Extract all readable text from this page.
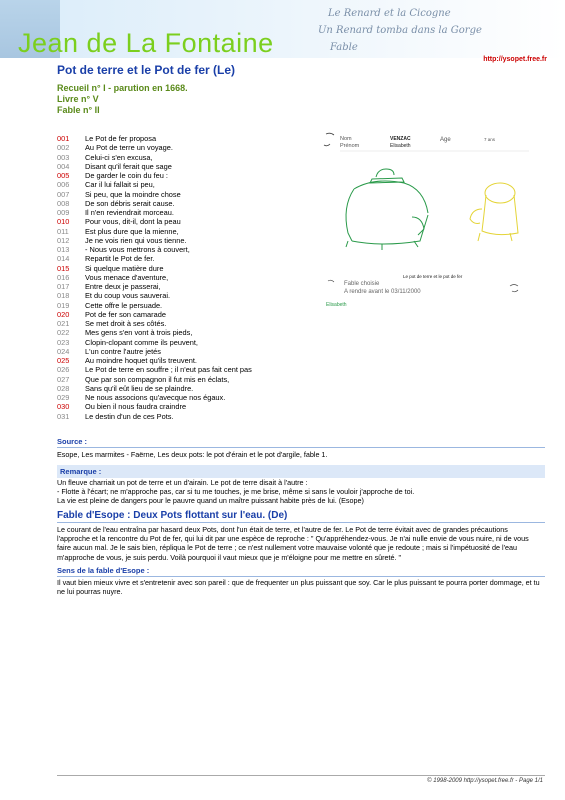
Le Renard et la Cicogne
Un Renard tomba dans la Gorge
Fable
Jean de La Fontaine
http://ysopet.free.fr
Pot de terre et le Pot de fer (Le)
Recueil n° I - parution en 1668.
Livre n° V
Fable n° II
001 Le Pot de fer proposa
002 Au Pot de terre un voyage.
003 Celui-ci s'en excusa,
004 Disant qu'il ferait que sage
005 De garder le coin du feu :
006 Car il lui fallait si peu,
007 Si peu, que la moindre chose
008 De son débris serait cause.
009 Il n'en reviendrait morceau.
010 Pour vous, dit-il, dont la peau
011 Est plus dure que la mienne,
012 Je ne vois rien qui vous tienne.
013 - Nous vous mettrons à couvert,
014 Repartit le Pot de fer.
015 Si quelque matière dure
016 Vous menace d'aventure,
017 Entre deux je passerai,
018 Et du coup vous sauverai.
019 Cette offre le persuade.
020 Pot de fer son camarade
021 Se met droit à ses côtés.
022 Mes gens s'en vont à trois pieds,
023 Clopin-clopant comme ils peuvent,
024 L'un contre l'autre jetés
025 Au moindre hoquet qu'ils treuvent.
026 Le Pot de terre en souffre ; il n'eut pas fait cent pas
027 Que par son compagnon il fut mis en éclats,
028 Sans qu'il eût lieu de se plaindre.
029 Ne nous associons qu'avecque nos égaux.
030 Ou bien il nous faudra craindre
031 Le destin d'un de ces Pots.
Nom
Prénom
VENZAC
Elisabeth
Age	7 ans
Le pot de terre et le pot de fer
Fable choisie
A rendre avant le 03/11/2000
Elisabeth
Source :
Esope, Les marmites - Faërne, Les deux pots: le pot d'érain et le pot d'argile, fable 1.
Remarque :
Un fleuve charriait un pot de terre et un d'airain. Le pot de terre disait à l'autre :
- Flotte à l'écart; ne m'approche pas, car si tu me touches, je me brise, même si sans le vouloir j'approche de toi.
La vie est pleine de dangers pour le pauvre quand un maître puissant habite près de lui. (Esope)
Fable d'Esope : Deux Pots flottant sur l'eau. (De)
Le courant de l'eau entraîna par hasard deux Pots, dont l'un était de terre, et l'autre de fer. Le Pot de terre évitait avec de grandes précautions l'approche et la rencontre du Pot de fer, qui lui dit par une espèce de reproche : " Qu'appréhendez-vous. Je n'ai nulle envie de vous nuire, ni de vous faire aucun mal. Je le sais bien, répliqua le Pot de terre ; ce n'est nullement votre mauvaise volonté que je redoute ; mais si l'impétuosité de l'eau m'approche de vous, je suis perdu. Voilà pourquoi il vaut mieux que je m'éloigne pour me mettre en sûreté. "
Sens de la fable d'Esope :
Il vaut bien mieux vivre et s'entretenir avec son pareil : que de frequenter un plus puissant que soy. Car le plus puissant te pourra porter dommage, et tu ne lui pourras nuyre.
© 1998-2009 http://ysopet.free.fr - Page 1/1
